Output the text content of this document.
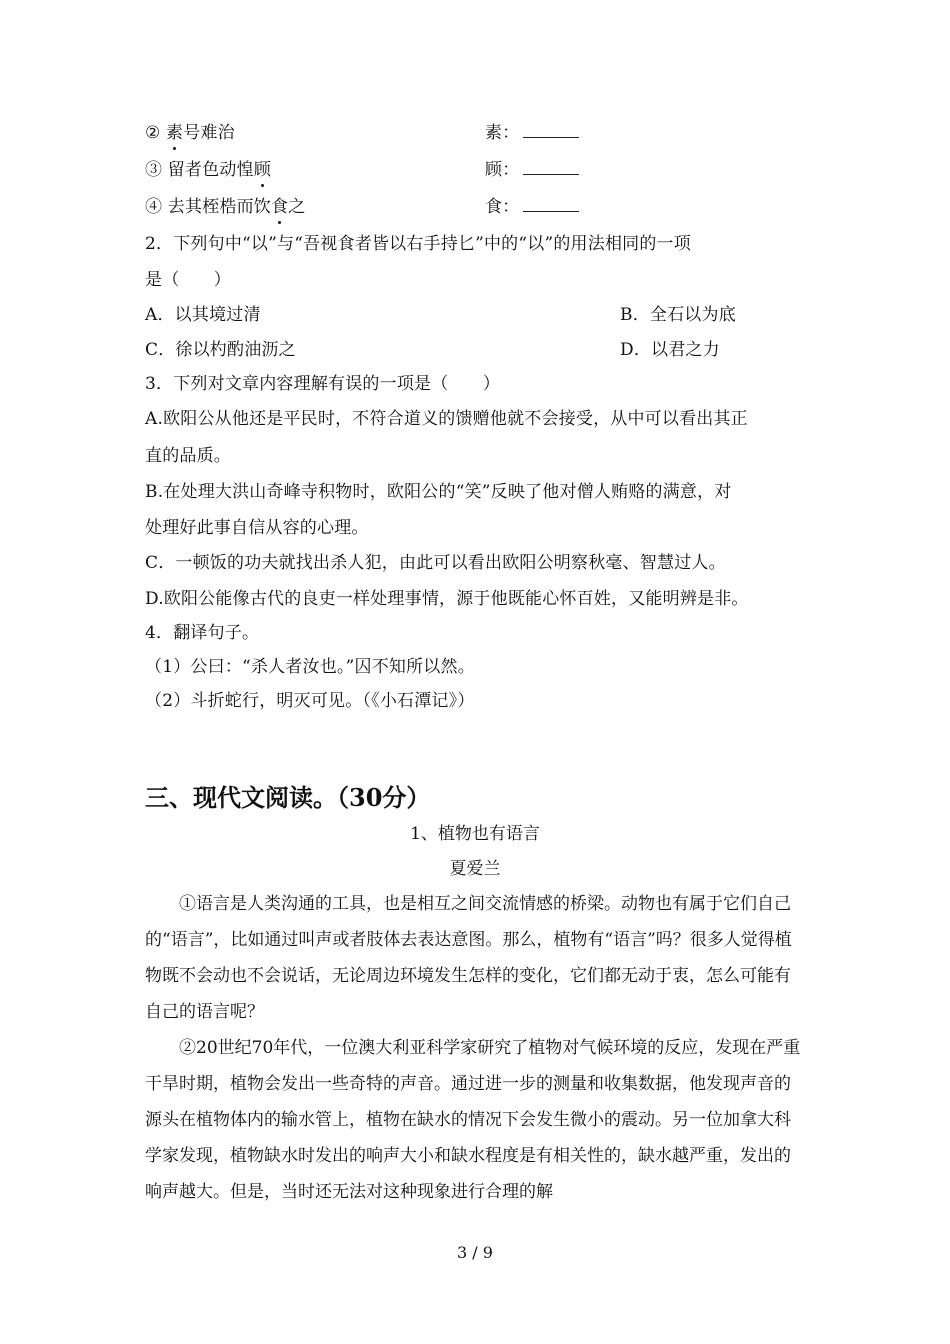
② 素号难治	素：
③ 留者色动惶顾	顾：
④ 去其桎梏而饮食之	食：
2．下列句中“以”与“吾视食者皆以右手持匕”中的“以”的用法相同的一项
是（　　）
A．以其境过清	B．全石以为底
C．徐以杓酌油沥之	D．以君之力
3．下列对文章内容理解有误的一项是（　　）
A.欧阳公从他还是平民时，不符合道义的馈赠他就不会接受，从中可以看出其正
直的品质。
B.在处理大洪山奇峰寺积物时，欧阳公的“笑”反映了他对僧人贿赂的满意，对
处理好此事自信从容的心理。
C．一顿饭的功夫就找出杀人犯，由此可以看出欧阳公明察秋毫、智慧过人。
D.欧阳公能像古代的良吏一样处理事情，源于他既能心怀百姓，又能明辨是非。
4．翻译句子。
（1）公曰：“杀人者汝也。”囚不知所以然。
（2）斗折蛇行，明灭可见。（《小石潭记》）
三、现代文阅读。（30分）
1、植物也有语言
夏爱兰
①语言是人类沟通的工具，也是相互之间交流情感的桥梁。动物也有属于它们自己的“语言”，比如通过叫声或者肢体去表达意图。那么，植物有“语言”吗？很多人觉得植物既不会动也不会说话，无论周边环境发生怎样的变化，它们都无动于衷，怎么可能有自己的语言呢？
②20世纪70年代，一位澳大利亚科学家研究了植物对气候环境的反应，发现在严重干旱时期，植物会发出一些奇特的声音。通过进一步的测量和收集数据，他发现声音的源头在植物体内的输水管上，植物在缺水的情况下会发生微小的震动。另一位加拿大科学家发现，植物缺水时发出的响声大小和缺水程度是有相关性的，缺水越严重，发出的响声越大。但是，当时还无法对这种现象进行合理的解
3 / 9
